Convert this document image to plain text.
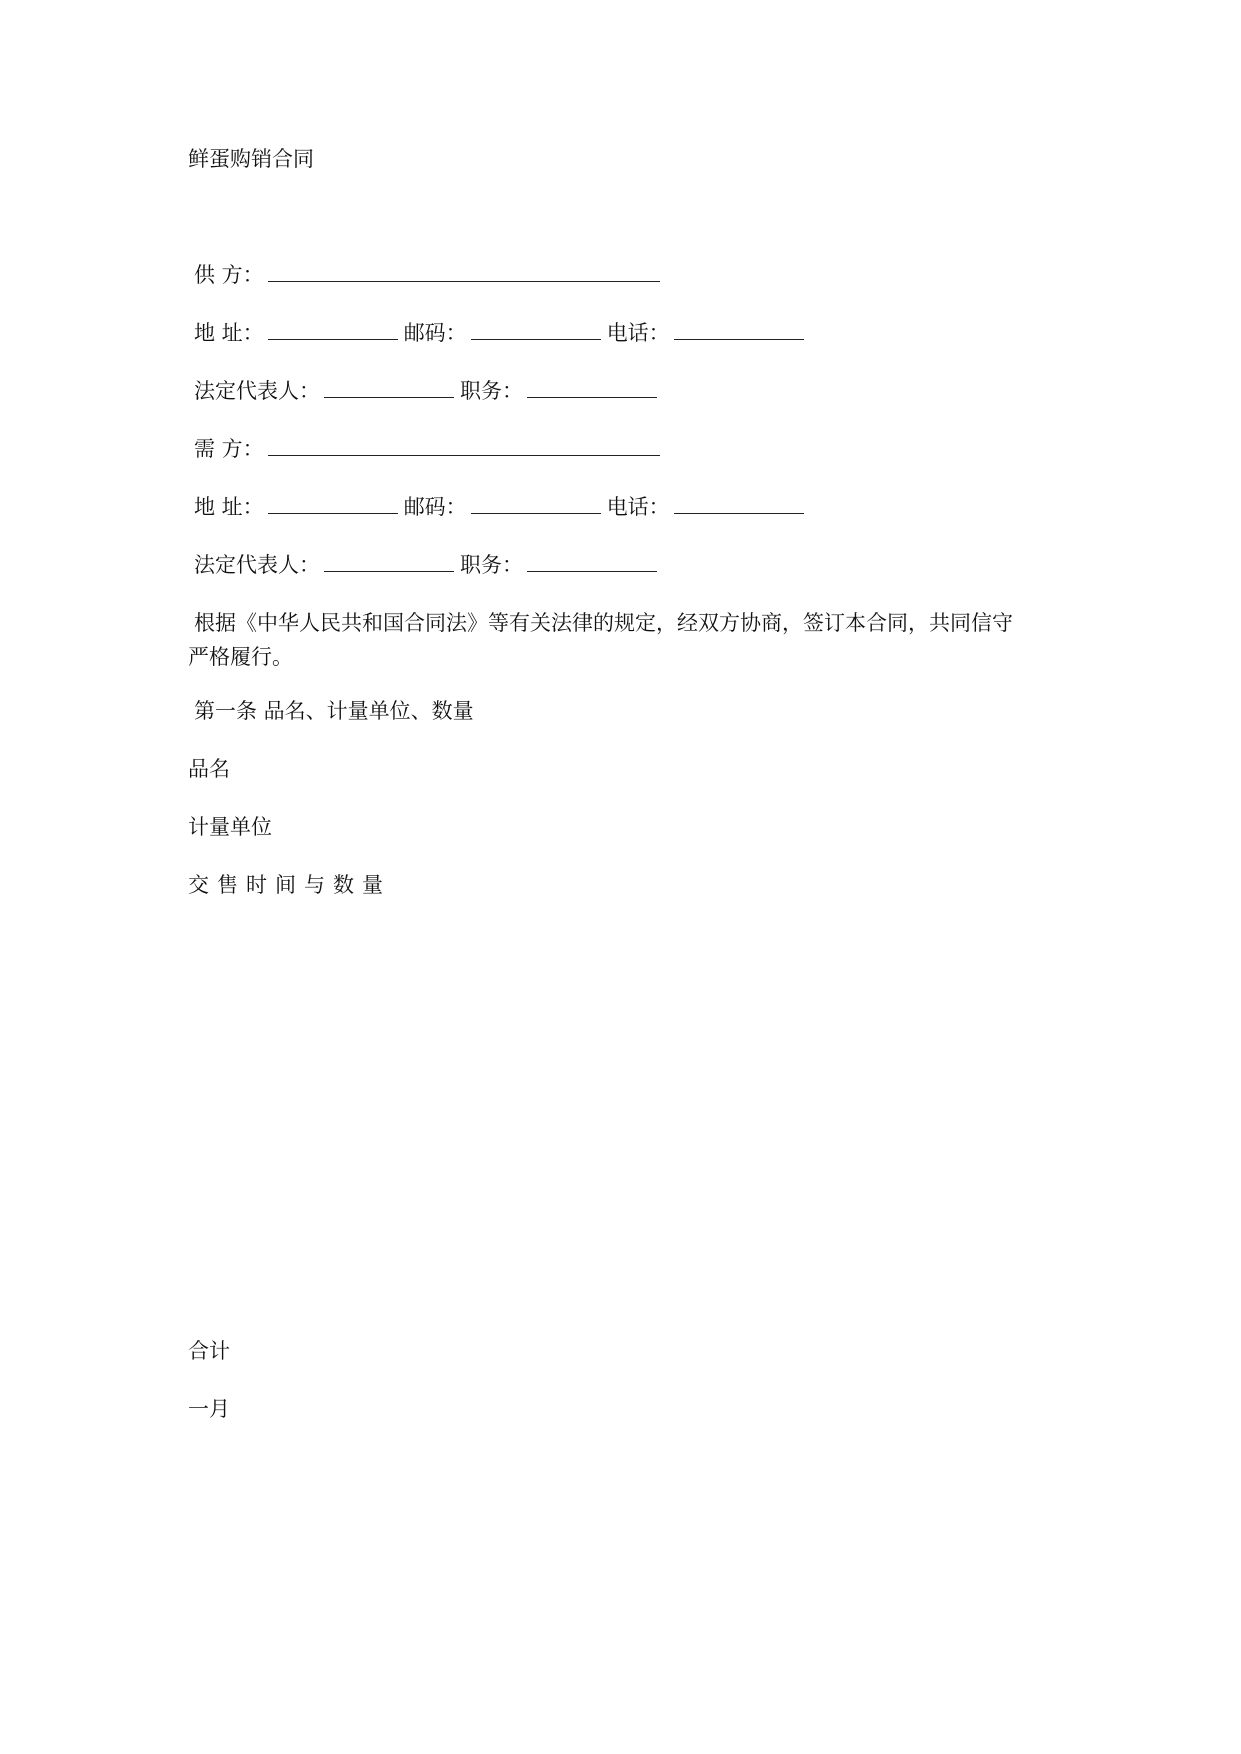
鲜蛋购销合同
供 方：
地 址：	邮码：	电话：
法定代表人：	职务：
需 方：
地 址：	邮码：	电话：
法定代表人：	职务：
根据《中华人民共和国合同法》等有关法律的规定，经双方协商，签订本合同，共同信守
严格履行。
第一条 品名、计量单位、数量
品名
计量单位
交售时间与数量
合计
一月
